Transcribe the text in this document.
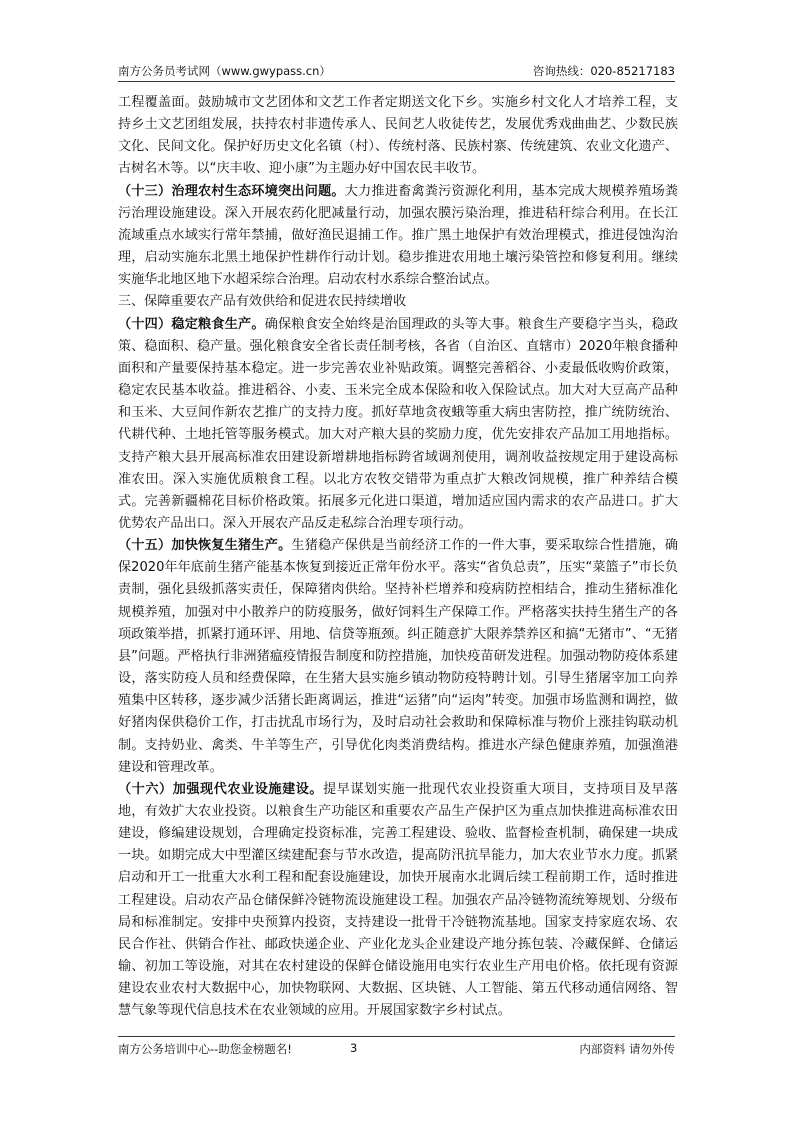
南方公务员考试网（www.gwypass.cn）	咨询热线：020-85217183

工程覆盖面。鼓励城市文艺团体和文艺工作者定期送文化下乡。实施乡村文化人才培养工程，支持乡土文艺团组发展，扶持农村非遗传承人、民间艺人收徒传艺，发展优秀戏曲曲艺、少数民族文化、民间文化。保护好历史文化名镇（村）、传统村落、民族村寨、传统建筑、农业文化遗产、古树名木等。以“庆丰收、迎小康”为主题办好中国农民丰收节。

（十三）治理农村生态环境突出问题。大力推进畜禽粪污资源化利用，基本完成大规模养殖场粪污治理设施建设。深入开展农药化肥减量行动，加强农膜污染治理，推进秸秆综合利用。在长江流域重点水域实行常年禁捕，做好渔民退捕工作。推广黑土地保护有效治理模式，推进侵蚀沟治理，启动实施东北黑土地保护性耕作行动计划。稳步推进农用地土壤污染管控和修复利用。继续实施华北地区地下水超采综合治理。启动农村水系综合整治试点。

三、保障重要农产品有效供给和促进农民持续增收

（十四）稳定粮食生产。确保粮食安全始终是治国理政的头等大事。粮食生产要稳字当头，稳政策、稳面积、稳产量。强化粮食安全省长责任制考核，各省（自治区、直辖市）2020年粮食播种面积和产量要保持基本稳定。进一步完善农业补贴政策。调整完善稻谷、小麦最低收购价政策，稳定农民基本收益。推进稻谷、小麦、玉米完全成本保险和收入保险试点。加大对大豆高产品种和玉米、大豆间作新农艺推广的支持力度。抓好草地贪夜蛾等重大病虫害防控，推广统防统治、代耕代种、土地托管等服务模式。加大对产粮大县的奖励力度，优先安排农产品加工用地指标。支持产粮大县开展高标准农田建设新增耕地指标跨省域调剂使用，调剂收益按规定用于建设高标准农田。深入实施优质粮食工程。以北方农牧交错带为重点扩大粮改饲规模，推广种养结合模式。完善新疆棉花目标价格政策。拓展多元化进口渠道，增加适应国内需求的农产品进口。扩大优势农产品出口。深入开展农产品反走私综合治理专项行动。

（十五）加快恢复生猪生产。生猪稳产保供是当前经济工作的一件大事，要采取综合性措施，确保2020年年底前生猪产能基本恢复到接近正常年份水平。落实“省负总责”，压实“菜篮子”市长负责制，强化县级抓落实责任，保障猪肉供给。坚持补栏增养和疫病防控相结合，推动生猪标准化规模养殖，加强对中小散养户的防疫服务，做好饲料生产保障工作。严格落实扶持生猪生产的各项政策举措，抓紧打通环评、用地、信贷等瓶颈。纠正随意扩大限养禁养区和搞“无猪市”、“无猪县”问题。严格执行非洲猪瘟疫情报告制度和防控措施，加快疫苗研发进程。加强动物防疫体系建设，落实防疫人员和经费保障，在生猪大县实施乡镇动物防疫特聘计划。引导生猪屠宰加工向养殖集中区转移，逐步减少活猪长距离调运，推进“运猪”向“运肉”转变。加强市场监测和调控，做好猪肉保供稳价工作，打击扰乱市场行为，及时启动社会救助和保障标准与物价上涨挂钩联动机制。支持奶业、禽类、牛羊等生产，引导优化肉类消费结构。推进水产绿色健康养殖，加强渔港建设和管理改革。

（十六）加强现代农业设施建设。提早谋划实施一批现代农业投资重大项目，支持项目及早落地，有效扩大农业投资。以粮食生产功能区和重要农产品生产保护区为重点加快推进高标准农田建设，修编建设规划，合理确定投资标准，完善工程建设、验收、监督检查机制，确保建一块成一块。如期完成大中型灌区续建配套与节水改造，提高防汛抗旱能力，加大农业节水力度。抓紧启动和开工一批重大水利工程和配套设施建设，加快开展南水北调后续工程前期工作，适时推进工程建设。启动农产品仓储保鲜冷链物流设施建设工程。加强农产品冷链物流统筹规划、分级布局和标准制定。安排中央预算内投资，支持建设一批骨干冷链物流基地。国家支持家庭农场、农民合作社、供销合作社、邮政快递企业、产业化龙头企业建设产地分拣包装、冷藏保鲜、仓储运输、初加工等设施，对其在农村建设的保鲜仓储设施用电实行农业生产用电价格。依托现有资源建设农业农村大数据中心，加快物联网、大数据、区块链、人工智能、第五代移动通信网络、智慧气象等现代信息技术在农业领域的应用。开展国家数字乡村试点。

南方公务培训中心--助您金榜题名!	3	内部资料 请勿外传
